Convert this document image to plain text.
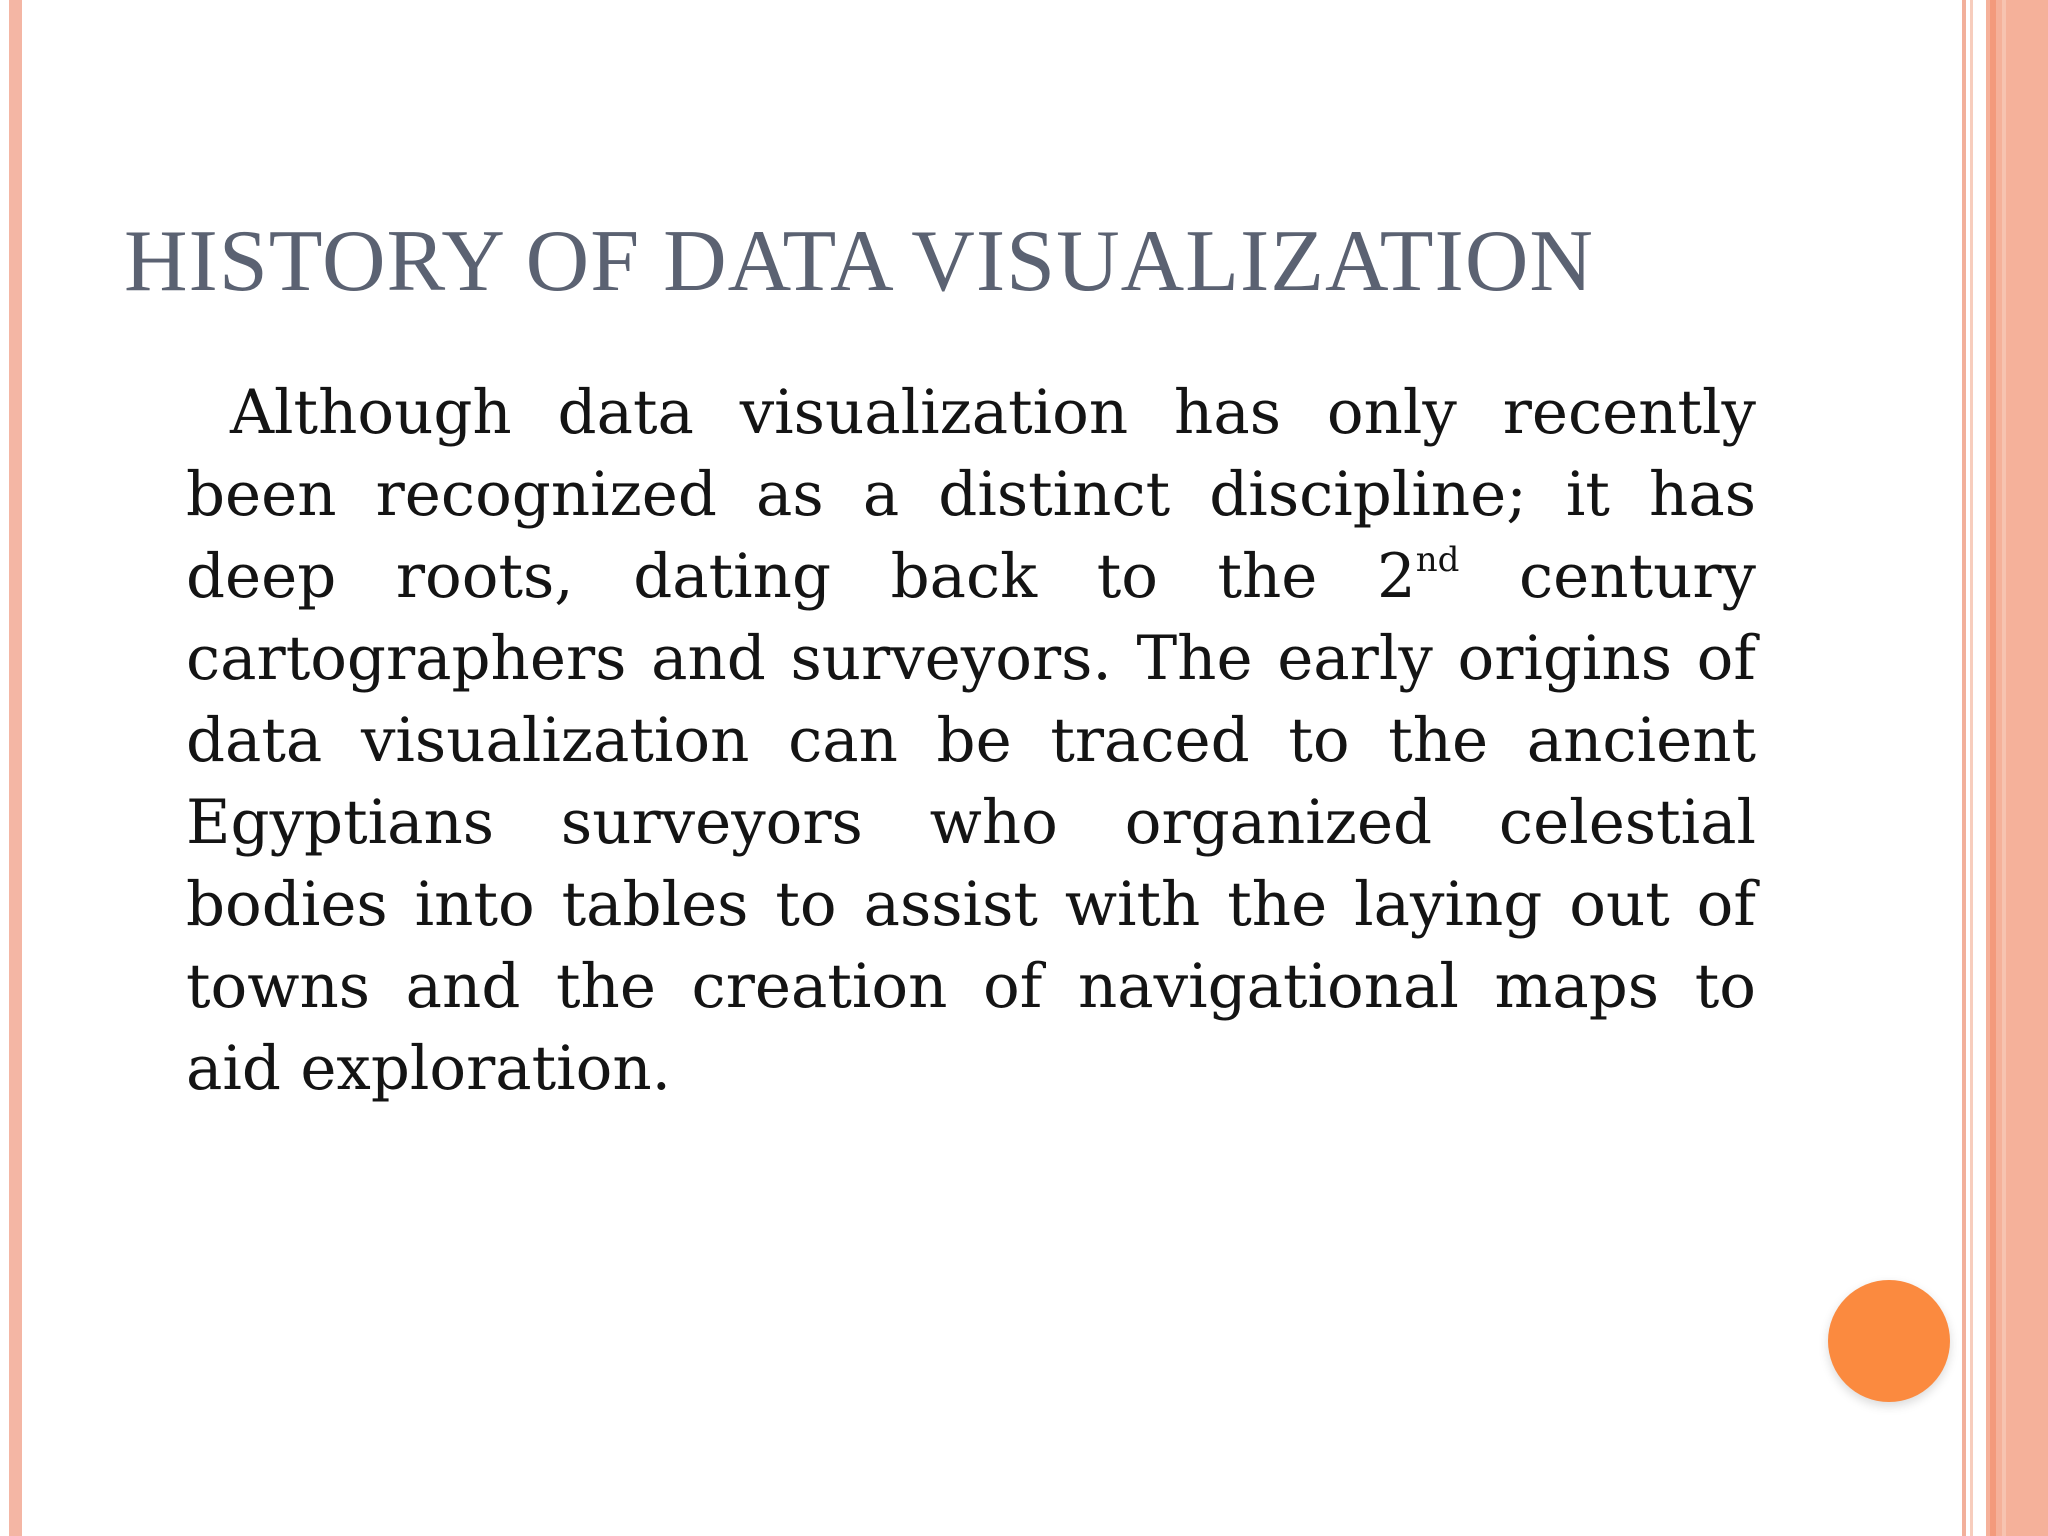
HISTORY OF DATA VISUALIZATION

Although data visualization has only recently been recognized as a distinct discipline; it has deep roots, dating back to the 2nd century cartographers and surveyors. The early origins of data visualization can be traced to the ancient Egyptians surveyors who organized celestial bodies into tables to assist with the laying out of towns and the creation of navigational maps to aid exploration.
